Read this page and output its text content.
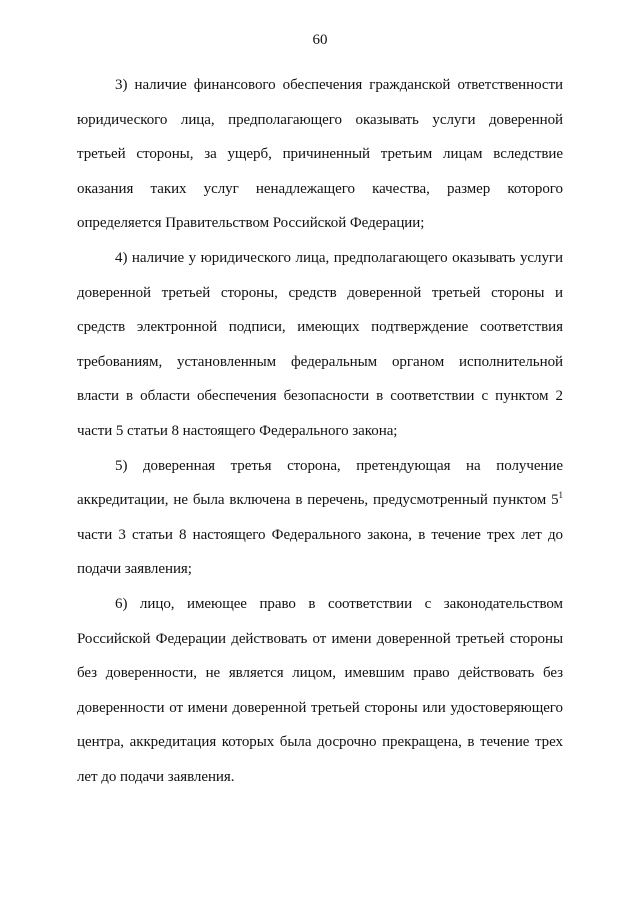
60

3) наличие финансового обеспечения гражданской ответственности юридического лица, предполагающего оказывать услуги доверенной третьей стороны, за ущерб, причиненный третьим лицам вследствие оказания таких услуг ненадлежащего качества, размер которого определяется Правительством Российской Федерации;

4) наличие у юридического лица, предполагающего оказывать услуги доверенной третьей стороны, средств доверенной третьей стороны и средств электронной подписи, имеющих подтверждение соответствия требованиям, установленным федеральным органом исполнительной власти в области обеспечения безопасности в соответствии с пунктом 2 части 5 статьи 8 настоящего Федерального закона;

5) доверенная третья сторона, претендующая на получение аккредитации, не была включена в перечень, предусмотренный пунктом $5^1$ части 3 статьи 8 настоящего Федерального закона, в течение трех лет до подачи заявления;

6) лицо, имеющее право в соответствии с законодательством Российской Федерации действовать от имени доверенной третьей стороны без доверенности, не является лицом, имевшим право действовать без доверенности от имени доверенной третьей стороны или удостоверяющего центра, аккредитация которых была досрочно прекращена, в течение трех лет до подачи заявления.
